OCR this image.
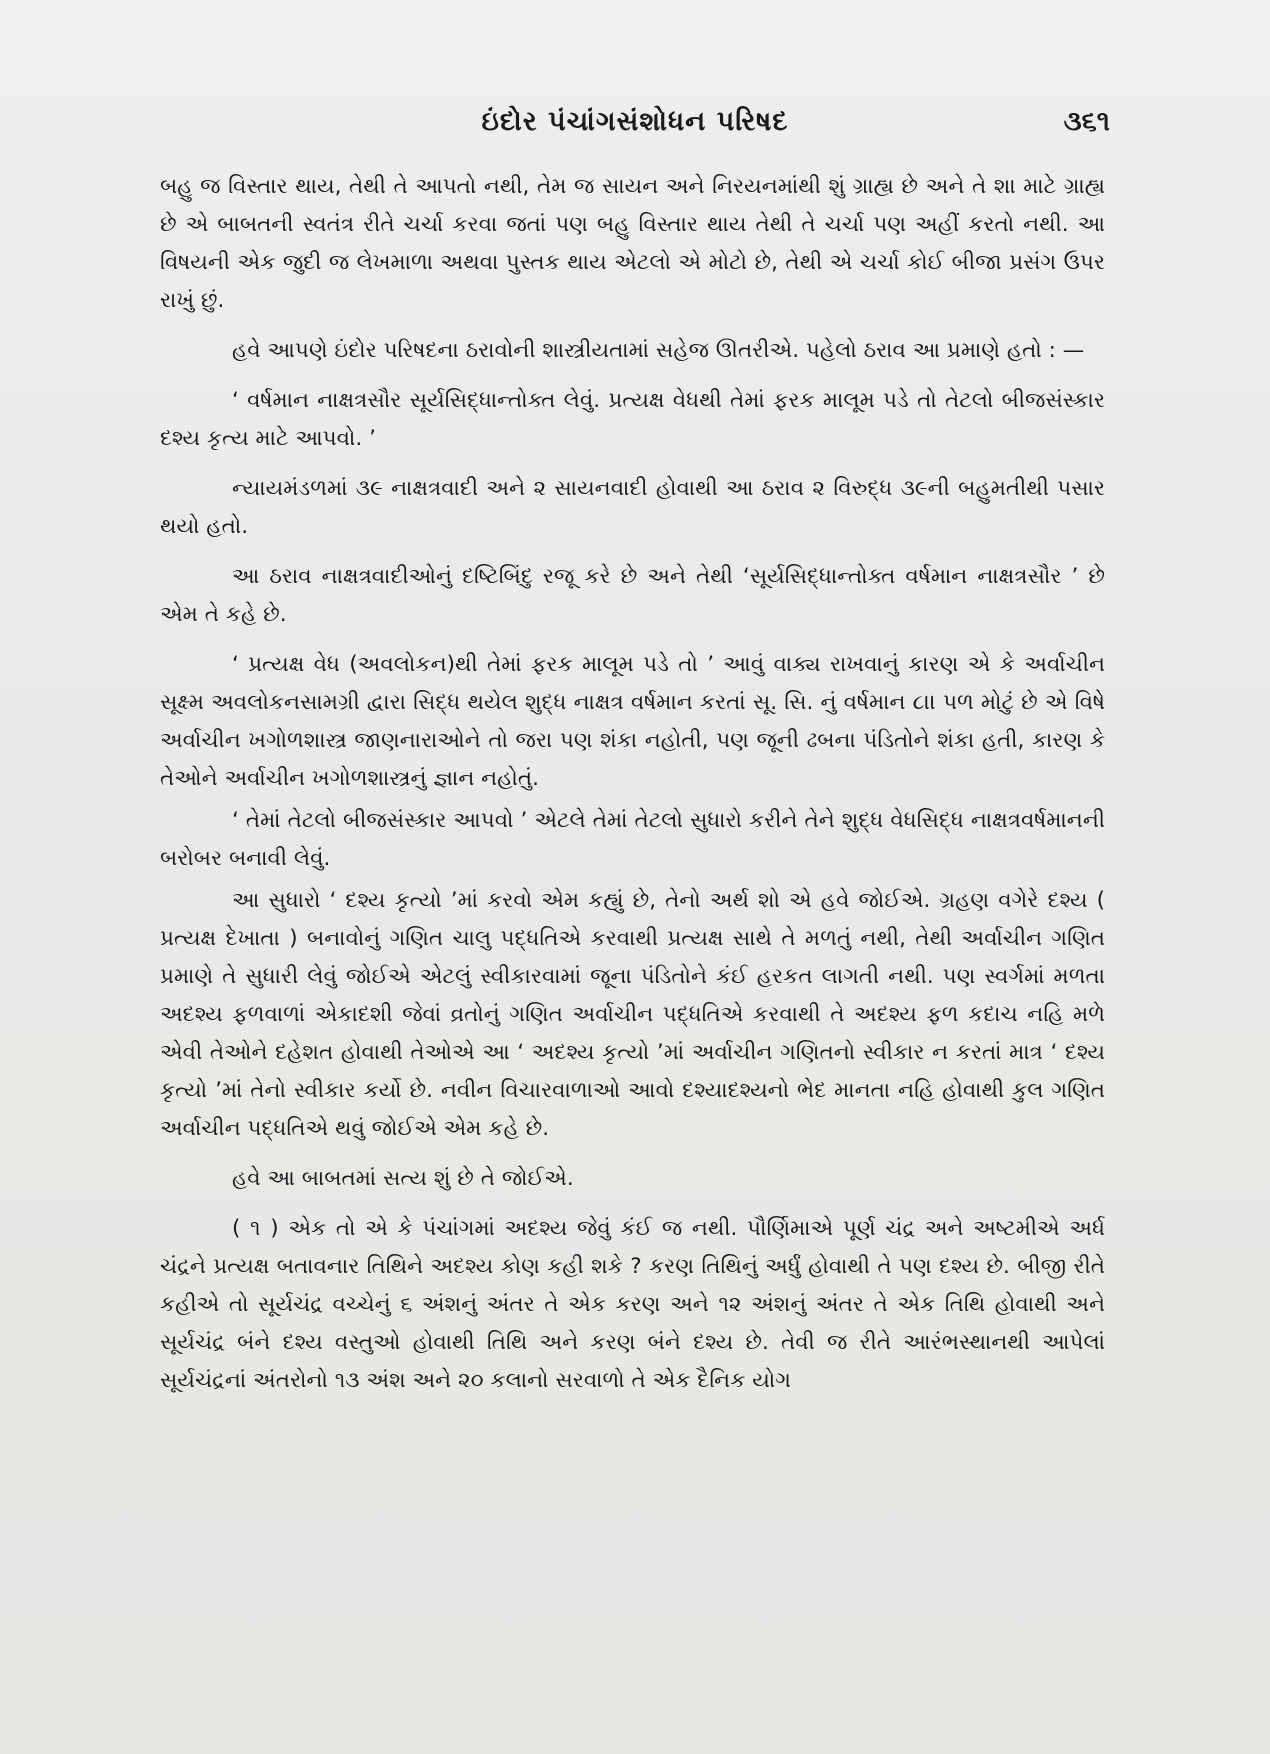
ઇંદોર પંચાંગસંશોધન પરિષદ	૩૬૧

બહુ જ વિસ્તાર થાય, તેથી તે આપતો નથી, તેમ જ સાયન અને નિરયનમાંથી શું ગ્રાહ્ય છે અને તે શા માટે ગ્રાહ્ય છે એ બાબતની સ્વતંત્ર રીતે ચર્ચા કરવા જતાં પણ બહુ વિસ્તાર થાય તેથી તે ચર્ચા પણ અહીં કરતો નથી. આ વિષયની એક જુદી જ લેખમાળા અથવા પુસ્તક થાય એટલો એ મોટો છે, તેથી એ ચર્ચા કોઈ બીજા પ્રસંગ ઉપર રાખું છું.

હવે આપણે ઇંદોર પરિષદના ઠરાવોની શાસ્ત્રીયતામાં સહેજ ઊતરીએ. પહેલો ઠરાવ આ પ્રમાણે હતો : —

‘ વર્ષમાન નાક્ષત્રસૌર સૂર્યસિદ્ધાન્તોક્ત લેવું. પ્રત્યક્ષ વેધથી તેમાં ફરક માલૂમ પડે તો તેટલો બીજસંસ્કાર દશ્ય કૃત્ય માટે આપવો. ’

ન્યાયમંડળમાં ૩૯ નાક્ષત્રવાદી અને ૨ સાયનવાદી હોવાથી આ ઠરાવ ૨ વિરુદ્ધ ૩૯ની બહુમતીથી પસાર થયો હતો.

આ ઠરાવ નાક્ષત્રવાદીઓનું દષ્ટિબિંદુ રજૂ કરે છે અને તેથી ‘સૂર્યસિદ્ધાન્તોક્ત વર્ષમાન નાક્ષત્રસૌર ’ છે એમ તે કહે છે.

‘ પ્રત્યક્ષ વેધ (અવલોકન)થી તેમાં ફરક માલૂમ પડે તો ’ આવું વાક્ય રાખવાનું કારણ એ કે અર્વાચીન સૂક્ષ્મ અવલોકનસામગ્રી દ્વારા સિદ્ધ થયેલ શુદ્ધ નાક્ષત્ર વર્ષમાન કરતાં સૂ. સિ. નું વર્ષમાન ૮।। પળ મોટું છે એ વિષે અર્વાચીન ખગોળશાસ્ત્ર જાણનારાઓને તો જરા પણ શંકા નહોતી, પણ જૂની ઢબના પંડિતોને શંકા હતી, કારણ કે તેઓને અર્વાચીન ખગોળશાસ્ત્રનું જ્ઞાન નહોતું.

‘ તેમાં તેટલો બીજસંસ્કાર આપવો ’ એટલે તેમાં તેટલો સુધારો કરીને તેને શુદ્ધ વેધસિદ્ધ નાક્ષત્રવર્ષમાનની બરોબર બનાવી લેવું.

આ સુધારો ‘ દશ્ય કૃત્યો ’માં કરવો એમ કહ્યું છે, તેનો અર્થ શો એ હવે જોઈએ. ગ્રહણ વગેરે દશ્ય ( પ્રત્યક્ષ દેખાતા ) બનાવોનું ગણિત ચાલુ પદ્ધતિએ કરવાથી પ્રત્યક્ષ સાથે તે મળતું નથી, તેથી અર્વાચીન ગણિત પ્રમાણે તે સુધારી લેવું જોઈએ એટલું સ્વીકારવામાં જૂના પંડિતોને કંઈ હરકત લાગતી નથી. પણ સ્વર્ગમાં મળતા અદશ્ય ફળવાળાં એકાદશી જેવાં વ્રતોનું ગણિત અર્વાચીન પદ્ધતિએ કરવાથી તે અદશ્ય ફળ કદાચ નહિ મળે એવી તેઓને દહેશત હોવાથી તેઓએ આ ‘ અદશ્ય કૃત્યો ’માં અર્વાચીન ગણિતનો સ્વીકાર ન કરતાં માત્ર ‘ દશ્ય કૃત્યો ’માં તેનો સ્વીકાર કર્યો છે. નવીન વિચારવાળાઓ આવો દશ્યાદશ્યનો ભેદ માનતા નહિ હોવાથી કુલ ગણિત અર્વાચીન પદ્ધતિએ થવું જોઈએ એમ કહે છે.

હવે આ બાબતમાં સત્ય શું છે તે જોઈએ.

( ૧ ) એક તો એ કે પંચાંગમાં અદશ્ય જેવું કંઈ જ નથી. પૌર્ણિમાએ પૂર્ણ ચંદ્ર અને અષ્ટમીએ અર્ધ ચંદ્રને પ્રત્યક્ષ બતાવનાર તિથિને અદશ્ય કોણ કહી શકે ? કરણ તિથિનું અર્ધું હોવાથી તે પણ દશ્ય છે. બીજી રીતે કહીએ તો સૂર્યચંદ્ર વચ્ચેનું ૬ અંશનું અંતર તે એક કરણ અને ૧૨ અંશનું અંતર તે એક તિથિ હોવાથી અને સૂર્યચંદ્ર બંને દશ્ય વસ્તુઓ હોવાથી તિથિ અને કરણ બંને દશ્ય છે. તેવી જ રીતે આરંભસ્થાનથી આપેલાં સૂર્યચંદ્રનાં અંતરોનો ૧૩ અંશ અને ૨૦ કલાનો સરવાળો તે એક દૈનિક યોગ
